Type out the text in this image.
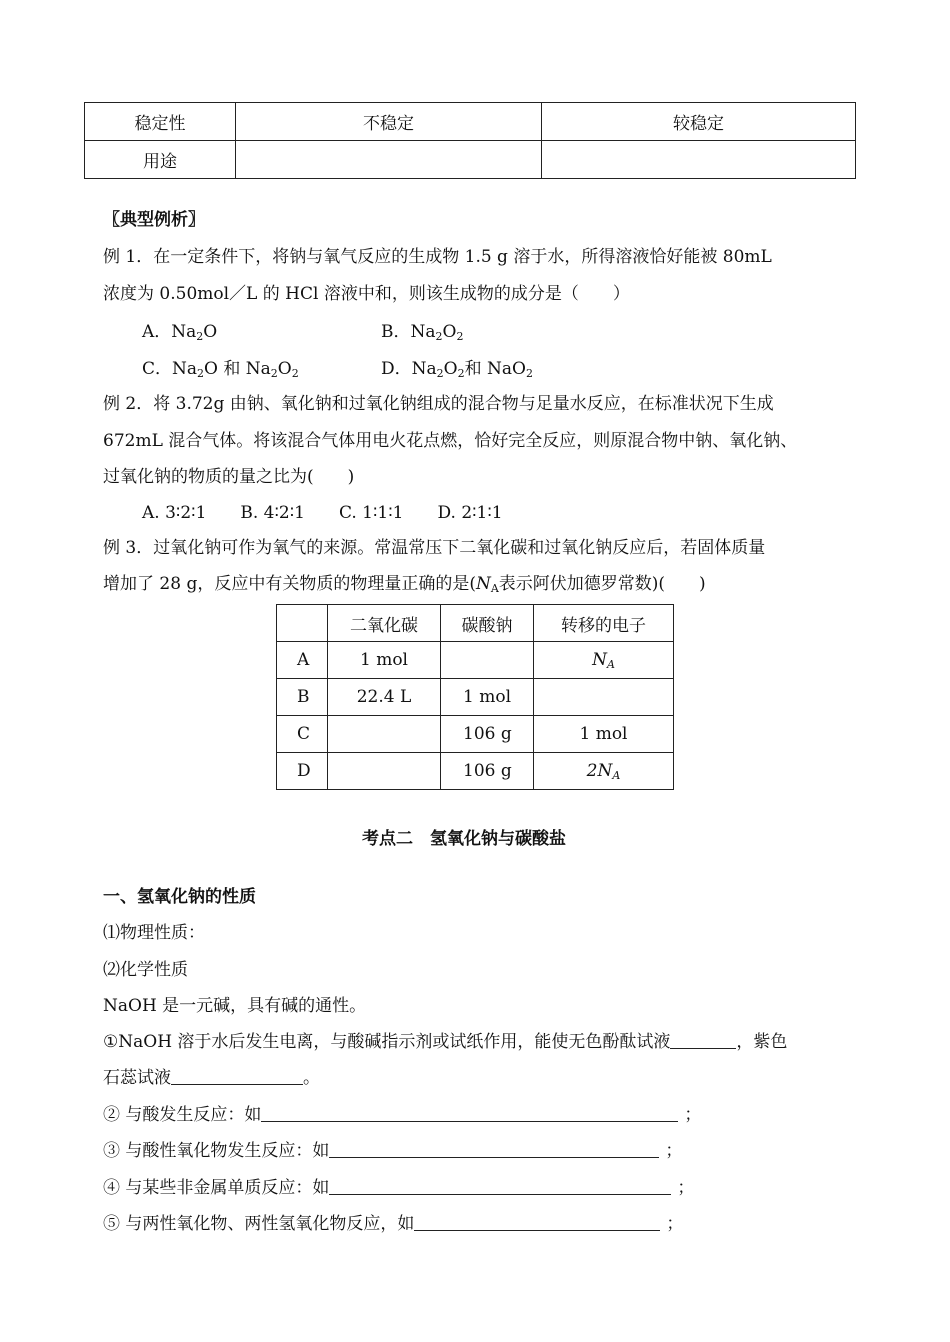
稳定性	不稳定	较稳定
用途		
〖典型例析〗
例 1．在一定条件下，将钠与氧气反应的生成物 1.5 g 溶于水，所得溶液恰好能被 80mL
浓度为 0.50mol／L 的 HCl 溶液中和，则该生成物的成分是（　　）
A．$Na_2O$	B．$Na_2O_2$
C．$Na_2O$ 和 $Na_2O_2$	D．$Na_2O_2$和 NaO$_2$
例 2．将 3.72g 由钠、氧化钠和过氧化钠组成的混合物与足量水反应，在标准状况下生成
672mL 混合气体。将该混合气体用电火花点燃，恰好完全反应，则原混合物中钠、氧化钠、
过氧化钠的物质的量之比为(　　)
A. 3∶2∶1　　B. 4∶2∶1　　C. 1∶1∶1　　D. 2∶1∶1
例 3．过氧化钠可作为氧气的来源。常温常压下二氧化碳和过氧化钠反应后，若固体质量
增加了 28 g，反应中有关物质的物理量正确的是($N_A$表示阿伏加德罗常数)(　　)
	二氧化碳	碳酸钠	转移的电子
A	1 mol		$N_A$
B	22.4 L	1 mol	
C		106 g	1 mol
D		106 g	$2N_A$
考点二　氢氧化钠与碳酸盐
一、氢氧化钠的性质
⑴物理性质：
⑵化学性质
NaOH 是一元碱，具有碱的通性。
①NaOH 溶于水后发生电离，与酸碱指示剂或试纸作用，能使无色酚酞试液	，紫色
石蕊试液	。
② 与酸发生反应：如	；
③ 与酸性氧化物发生反应：如	；
④ 与某些非金属单质反应：如	；
⑤ 与两性氧化物、两性氢氧化物反应，如	；
